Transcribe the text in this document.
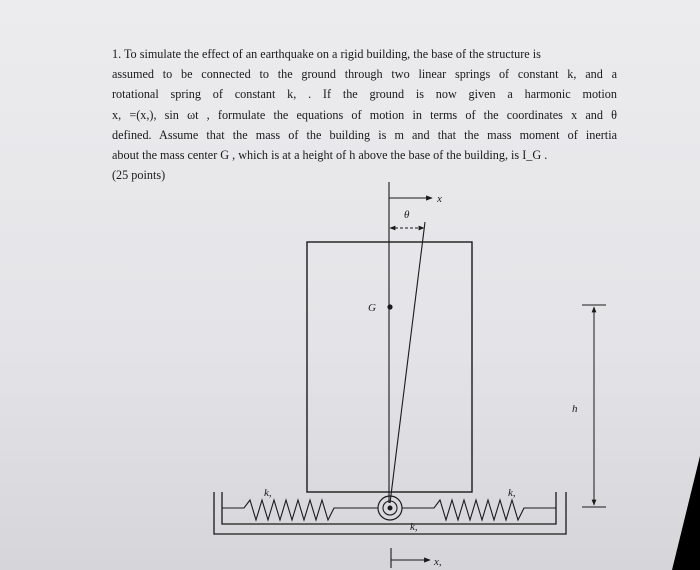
1. To simulate the effect of an earthquake on a rigid building, the base of the structure is
assumed to be connected to the ground through two linear springs of constant k, and a
rotational spring of constant k, . If the ground is now given a harmonic motion
x, =(x,), sin ωt , formulate the equations of motion in terms of the coordinates x and θ
defined. Assume that the mass of the building is m and that the mass moment of inertia
about the mass center G , which is at a height of h above the base of the building, is I_G .
(25 points)
x
θ
G
h
k,	k,
k,
x,
